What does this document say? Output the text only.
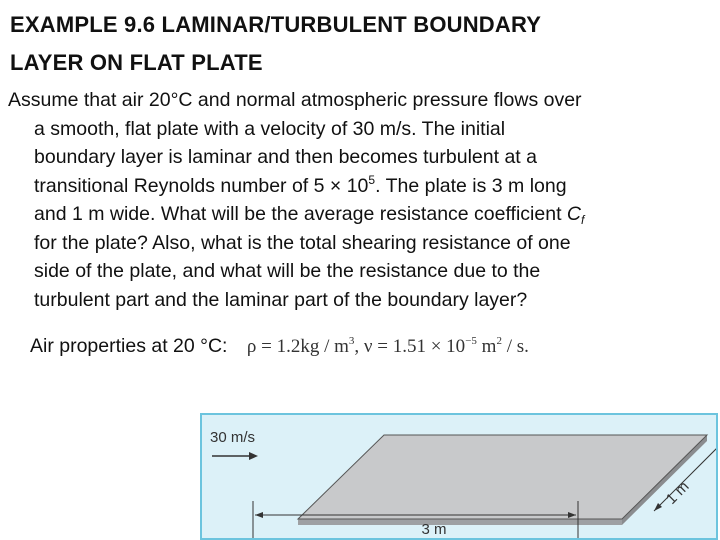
EXAMPLE 9.6 LAMINAR/TURBULENT BOUNDARY
LAYER ON FLAT PLATE
Assume that air 20°C and normal atmospheric pressure flows over
a smooth, flat plate with a velocity of 30 m/s. The initial
boundary layer is laminar and then becomes turbulent at a
transitional Reynolds number of $5 \times 10^5$. The plate is 3 m long
and 1 m wide. What will be the average resistance coefficient $C_f$
for the plate? Also, what is the total shearing resistance of one
side of the plate, and what will be the resistance due to the
turbulent part and the laminar part of the boundary layer?
Air properties at 20 °C: $\rho = 1.2kg / m^3$, $\nu = 1.51 \times 10^{-5}$ $m^2$ / s.
30 m/s
3 m
1 m
